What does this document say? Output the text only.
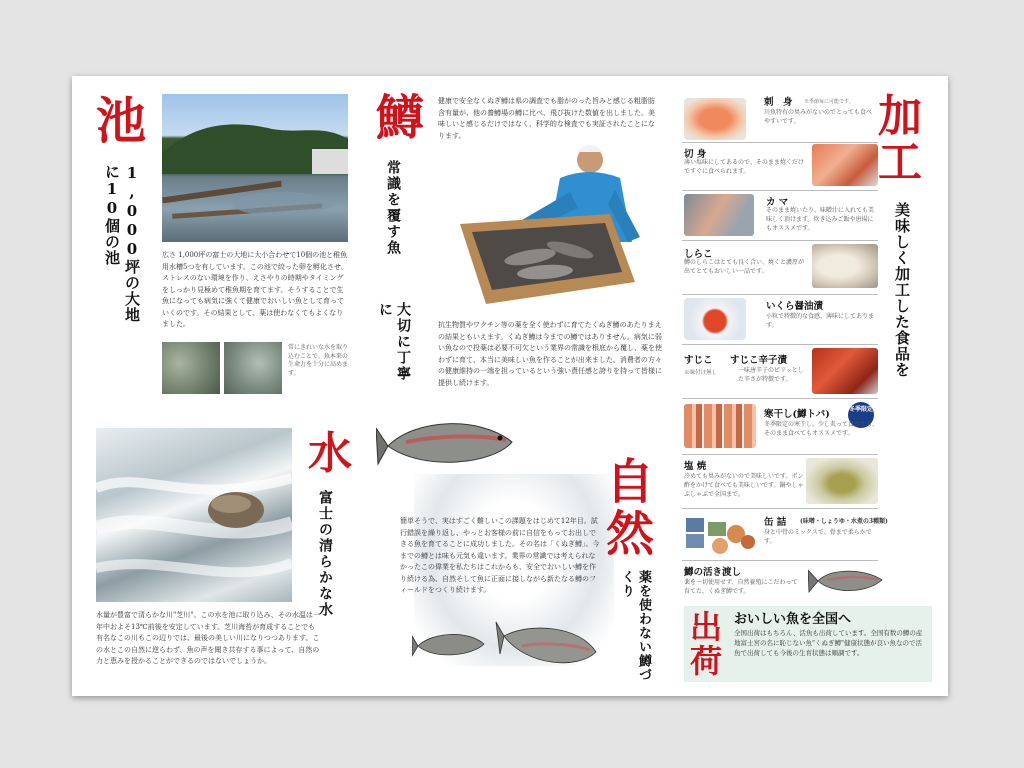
池
1,000坪の大地に10個の池	広さ 1,000坪の富士の大地に大小合わせて10個の池と稚魚用水槽5つを有しています。この池で絞った卵を孵化させ、ストレスのない環境を作り、えさやりの時期やタイミングをしっかり見極めて稚魚期を育てます。そうすることで生魚になっても病気に強くて健康でおいしい魚として育っていくのです。その結果として、薬は使わなくてもよくなりました。
常にきれいな水を取り込むことで、魚本来の生命力を十分に高めます。
水
富士の清らかな水
水量が豊富で清らかな川"芝川"。この水を池に取り込み、その水温は一年中およそ13℃前後を安定しています。芝川海苔が育成することでも有名なこの川もこの辺りでは、最後の美しい川になりつつあります。この水とこの自然に逆らわず、魚の声を聞き共存する事によって、自然の力と恵みを授かることができるのではないでしょうか。
鱒
常識を覆す魚
大切に丁寧に
健康で安全なくぬぎ鱒は県の調査でも脂がのった旨みと感じる粗脂肪含有量が、他の養鱒場の鱒に比べ、飛び抜けた数値を出しました。美味しいと感じるだけではなく、科学的な検査でも実証されたことになります。
抗生物質やワクチン等の薬を全く使わずに育てたくぬぎ鱒のあたりまえの結果ともいえます。くぬぎ鱒は今までの鱒ではありません。病気に弱い魚なので投薬は必要不可欠という業界の常識を根底から覆し、薬を使わずに育て、本当に美味しい魚を作ることが出来ました。消費者の方々の健康維持の一端を担っているという強い責任感と誇りを持って皆様に提供し続けます。
簡単そうで、実はすごく難しいこの課題をはじめて12年目。試行錯誤を繰り返し、やっとお客様の前に自信をもってお出しできる魚を育てることに成功しました。その名は「くぬぎ鱒」。今までの鱒とは味も元気も違います。業界の常識では考えられなかったこの偉業を私たちはこれからも、安全でおいしい鱒を作り続ける為、自然そして魚に正面に接しながら新たなる鱒のフィールドをつくり続けます。
自然
薬を使わない鱒づくり
加工
美味しく加工した食品を
刺　身 ※季節毎に可能です。
川魚特有の臭みがないのでとっても食べやすいです。
切 身
薄い塩味にしてあるので、そのまま焼くだけですぐに食べられます。
カ マ
そのまま焼いたり、味噌汁に入れても美味しく頂けます。炊き込みご飯や唐揚にもオススメです。
しらこ
鱒のしらこはとても良く合い、焼くと濃厚が出てとてもおいしい一品です。
いくら醤油漬
小粒で特徴的な食感、薄味にしてあります。
すじこ
※味付け無し
すじこ辛子漬
一味唐辛子のピリッとした辛さが特徴です。
寒干し(鱒トバ)	冬季限定
冬季限定の寒干し。少し炙って食べても、そのまま食べてもオススメです。
塩 焼
冷めても臭みがないので美味しいです。ポン酢をかけて食べても美味しいです。鍋やしゃぶしゃぶで全国まで。
缶 詰 (味噌・しょうゆ・水煮の3種類)
身と中骨のミックスで、骨まで柔らかです。
鱒の活き渡し
薬を一切使用せず、自然養殖にこだわって育てた、くぬぎ鱒です。
出荷
おいしい魚を全国へ
全国出荷はもちろん、活魚も出荷しています。全国有数の鱒の産地富士宮の名に恥じない魚"くぬぎ鱒"健康状態が良い魚なので活魚で出荷しても今後の生育状態は順調です。
